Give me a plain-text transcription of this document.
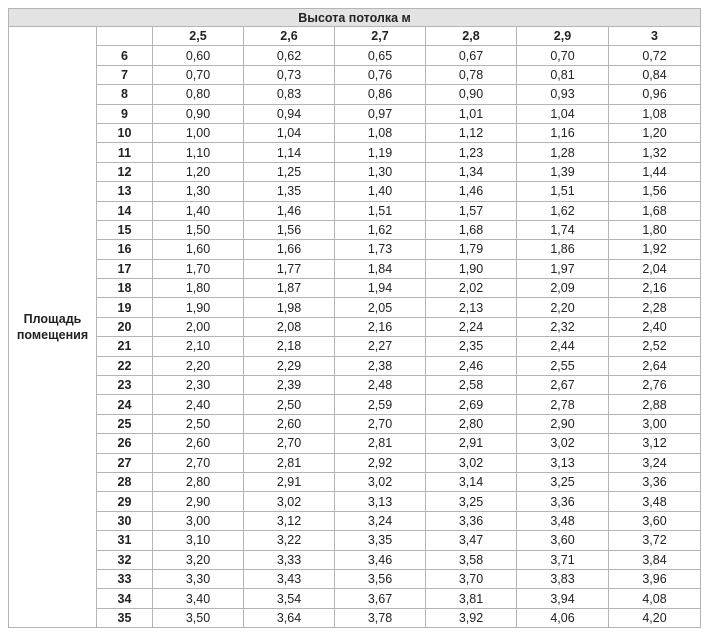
Высота потолка м							

Площадь
помещения		2,5	2,6	2,7	2,8	2,9	3
	6	0,60	0,62	0,65	0,67	0,70	0,72
	7	0,70	0,73	0,76	0,78	0,81	0,84
	8	0,80	0,83	0,86	0,90	0,93	0,96
	9	0,90	0,94	0,97	1,01	1,04	1,08
	10	1,00	1,04	1,08	1,12	1,16	1,20
	11	1,10	1,14	1,19	1,23	1,28	1,32
	12	1,20	1,25	1,30	1,34	1,39	1,44
	13	1,30	1,35	1,40	1,46	1,51	1,56
	14	1,40	1,46	1,51	1,57	1,62	1,68
	15	1,50	1,56	1,62	1,68	1,74	1,80
	16	1,60	1,66	1,73	1,79	1,86	1,92
	17	1,70	1,77	1,84	1,90	1,97	2,04
	18	1,80	1,87	1,94	2,02	2,09	2,16
	19	1,90	1,98	2,05	2,13	2,20	2,28
	20	2,00	2,08	2,16	2,24	2,32	2,40
	21	2,10	2,18	2,27	2,35	2,44	2,52
	22	2,20	2,29	2,38	2,46	2,55	2,64
	23	2,30	2,39	2,48	2,58	2,67	2,76
	24	2,40	2,50	2,59	2,69	2,78	2,88
	25	2,50	2,60	2,70	2,80	2,90	3,00
	26	2,60	2,70	2,81	2,91	3,02	3,12
	27	2,70	2,81	2,92	3,02	3,13	3,24
	28	2,80	2,91	3,02	3,14	3,25	3,36
	29	2,90	3,02	3,13	3,25	3,36	3,48
	30	3,00	3,12	3,24	3,36	3,48	3,60
	31	3,10	3,22	3,35	3,47	3,60	3,72
	32	3,20	3,33	3,46	3,58	3,71	3,84
	33	3,30	3,43	3,56	3,70	3,83	3,96
	34	3,40	3,54	3,67	3,81	3,94	4,08
	35	3,50	3,64	3,78	3,92	4,06	4,20
